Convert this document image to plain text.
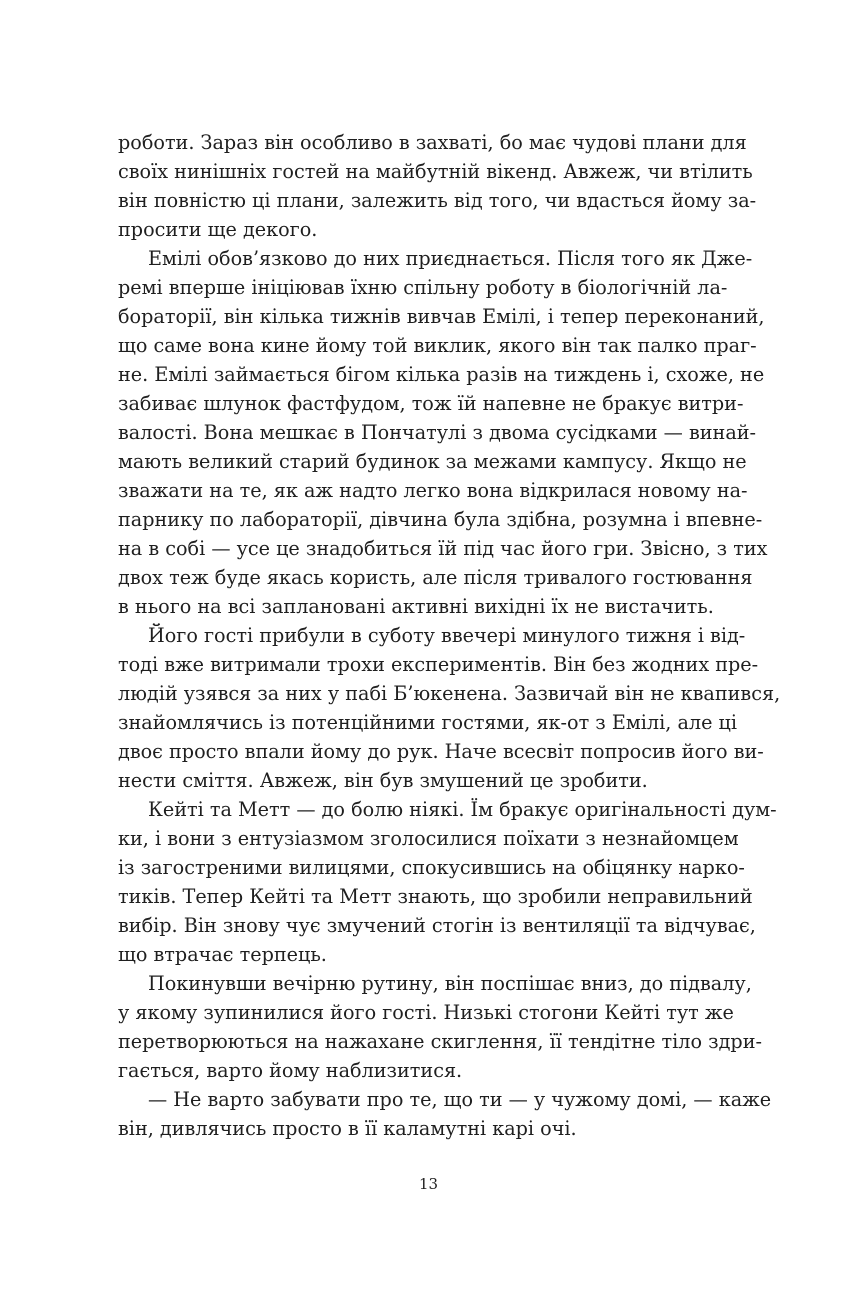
роботи. Зараз він особливо в захваті, бо має чудові плани для
своїх нинішніх гостей на майбутній вікенд. Авжеж, чи втілить
він повністю ці плани, залежить від того, чи вдасться йому за-
просити ще декого.
Емілі обов’язково до них приєднається. Після того як Дже-
ремі вперше ініціював їхню спільну роботу в біологічній ла-
бораторії, він кілька тижнів вивчав Емілі, і тепер переконаний,
що саме вона кине йому той виклик, якого він так палко праг-
не. Емілі займається бігом кілька разів на тиждень і, схоже, не
забиває шлунок фастфудом, тож їй напевне не бракує витри-
валості. Вона мешкає в Пончатулі з двома сусідками — винай-
мають великий старий будинок за межами кампусу. Якщо не
зважати на те, як аж надто легко вона відкрилася новому на-
парнику по лабораторії, дівчина була здібна, розумна і впевне-
на в собі — усе це знадобиться їй під час його гри. Звісно, з тих
двох теж буде якась користь, але після тривалого гостювання
в нього на всі заплановані активні вихідні їх не вистачить.
Його гості прибули в суботу ввечері минулого тижня і від-
тоді вже витримали трохи експериментів. Він без жодних пре-
людій узявся за них у пабі Б’юкенена. Зазвичай він не квапився,
знайомлячись із потенційними гостями, як-от з Емілі, але ці
двоє просто впали йому до рук. Наче всесвіт попросив його ви-
нести сміття. Авжеж, він був змушений це зробити.
Кейті та Метт — до болю ніякі. Їм бракує оригінальності дум-
ки, і вони з ентузіазмом зголосилися поїхати з незнайомцем
із загостреними вилицями, спокусившись на обіцянку нарко-
тиків. Тепер Кейті та Метт знають, що зробили неправильний
вибір. Він знову чує змучений стогін із вентиляції та відчуває,
що втрачає терпець.
Покинувши вечірню рутину, він поспішає вниз, до підвалу,
у якому зупинилися його гості. Низькі стогони Кейті тут же
перетворюються на нажахане скиглення, її тендітне тіло здри-
гається, варто йому наблизитися.
— Не варто забувати про те, що ти — у чужому домі, — каже
він, дивлячись просто в її каламутні карі очі.
13
